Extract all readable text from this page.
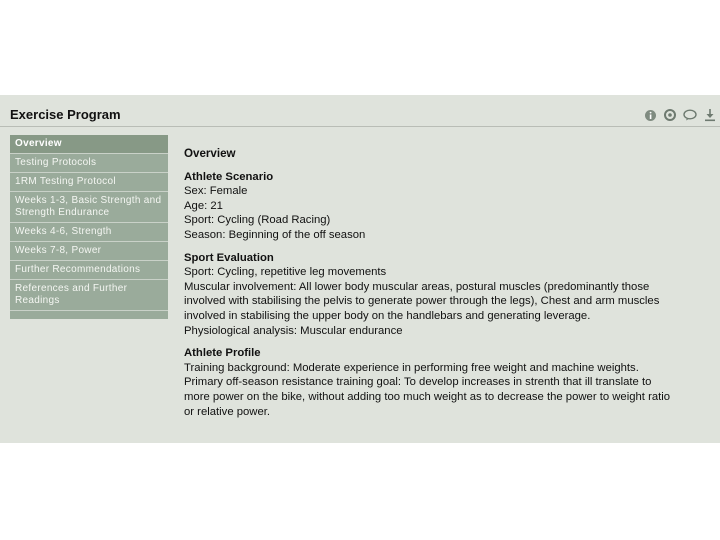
Exercise Program
Overview
Testing Protocols
1RM Testing Protocol
Weeks 1-3, Basic Strength and Strength Endurance
Weeks 4-6, Strength
Weeks 7-8, Power
Further Recommendations
References and Further Readings
Overview
Athlete Scenario
Sex: Female
Age: 21
Sport: Cycling (Road Racing)
Season: Beginning of the off season
Sport Evaluation
Sport: Cycling, repetitive leg movements
Muscular involvement: All lower body muscular areas, postural muscles (predominantly those
involved with stabilising the pelvis to generate power through the legs), Chest and arm muscles
involved in stabilising the upper body on the handlebars and generating leverage.
Physiological analysis: Muscular endurance
Athlete Profile
Training background: Moderate experience in performing free weight and machine weights.
Primary off-season resistance training goal: To develop increases in strenth that ill translate to
more power on the bike, without adding too much weight as to decrease the power to weight ratio
or relative power.
